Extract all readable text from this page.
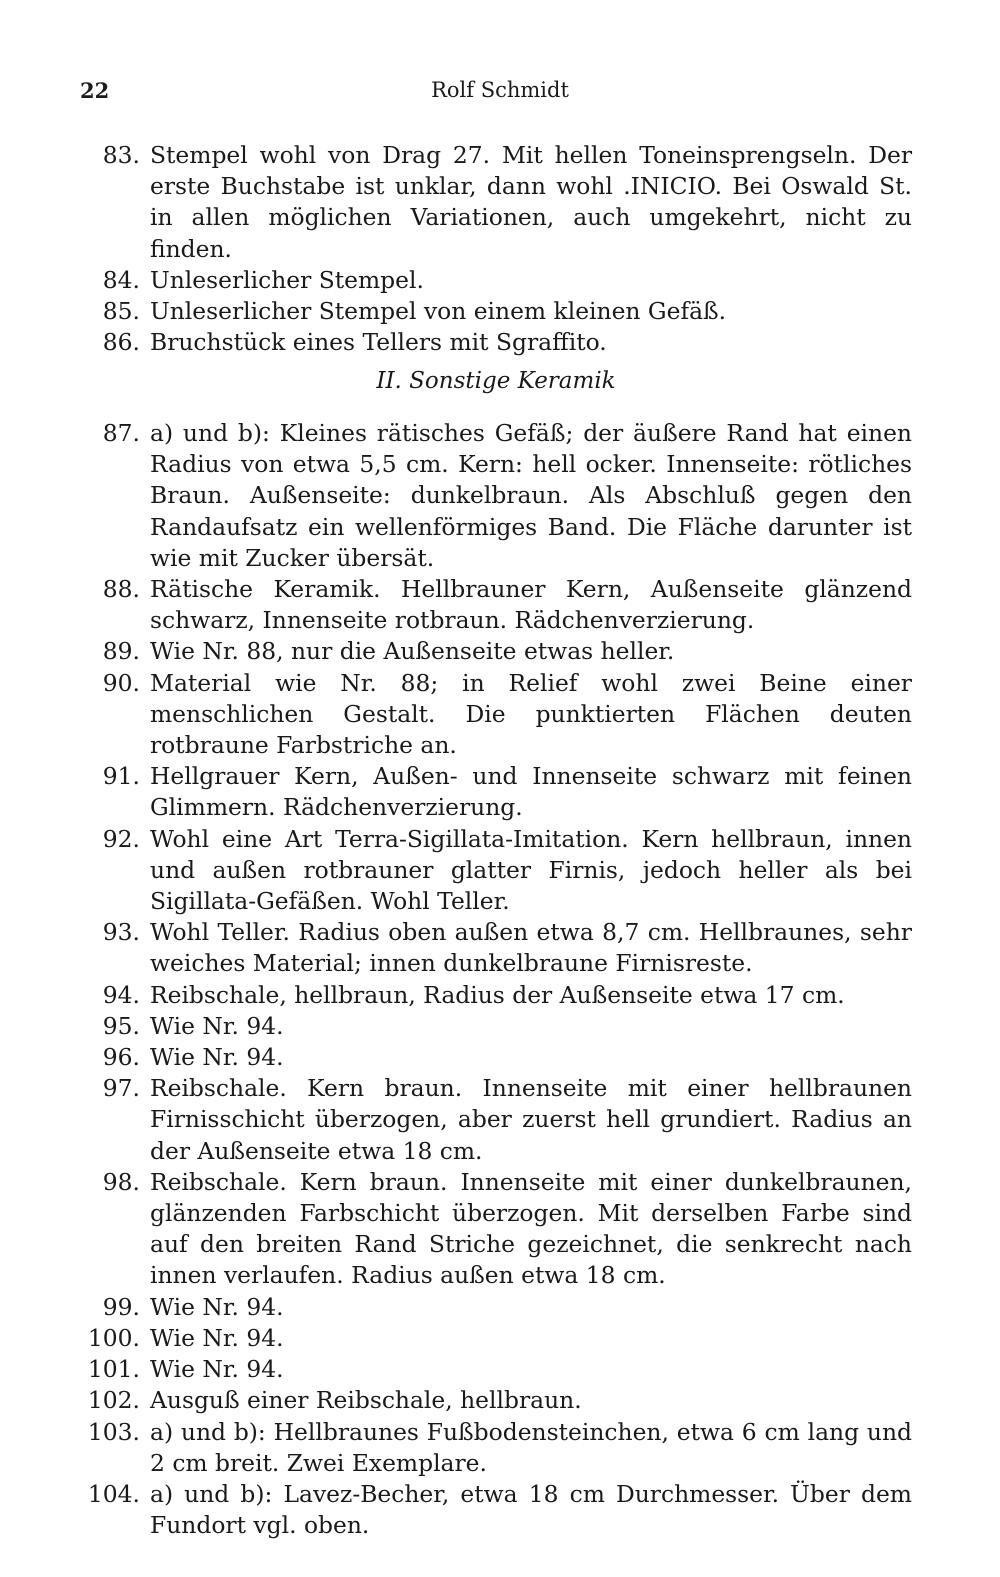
22	Rolf Schmidt
83. Stempel wohl von Drag 27. Mit hellen Toneinsprengseln. Der erste Buchstabe ist unklar, dann wohl .INICIO. Bei Oswald St. in allen möglichen Variationen, auch umgekehrt, nicht zu finden.
84. Unleserlicher Stempel.
85. Unleserlicher Stempel von einem kleinen Gefäß.
86. Bruchstück eines Tellers mit Sgraffito.
II. Sonstige Keramik
87. a) und b): Kleines rätisches Gefäß; der äußere Rand hat einen Radius von etwa 5,5 cm. Kern: hell ocker. Innenseite: rötliches Braun. Außenseite: dunkelbraun. Als Abschluß gegen den Randaufsatz ein wellenförmiges Band. Die Fläche darunter ist wie mit Zucker übersät.
88. Rätische Keramik. Hellbrauner Kern, Außenseite glänzend schwarz, Innenseite rotbraun. Rädchenverzierung.
89. Wie Nr. 88, nur die Außenseite etwas heller.
90. Material wie Nr. 88; in Relief wohl zwei Beine einer menschlichen Gestalt. Die punktierten Flächen deuten rotbraune Farbstriche an.
91. Hellgrauer Kern, Außen- und Innenseite schwarz mit feinen Glimmern. Rädchenverzierung.
92. Wohl eine Art Terra-Sigillata-Imitation. Kern hellbraun, innen und außen rotbrauner glatter Firnis, jedoch heller als bei Sigillata-Gefäßen. Wohl Teller.
93. Wohl Teller. Radius oben außen etwa 8,7 cm. Hellbraunes, sehr weiches Material; innen dunkelbraune Firnisreste.
94. Reibschale, hellbraun, Radius der Außenseite etwa 17 cm.
95. Wie Nr. 94.
96. Wie Nr. 94.
97. Reibschale. Kern braun. Innenseite mit einer hellbraunen Firnisschicht überzogen, aber zuerst hell grundiert. Radius an der Außenseite etwa 18 cm.
98. Reibschale. Kern braun. Innenseite mit einer dunkelbraunen, glänzenden Farbschicht überzogen. Mit derselben Farbe sind auf den breiten Rand Striche gezeichnet, die senkrecht nach innen verlaufen. Radius außen etwa 18 cm.
99. Wie Nr. 94.
100. Wie Nr. 94.
101. Wie Nr. 94.
102. Ausguß einer Reibschale, hellbraun.
103. a) und b): Hellbraunes Fußbodensteinchen, etwa 6 cm lang und 2 cm breit. Zwei Exemplare.
104. a) und b): Lavez-Becher, etwa 18 cm Durchmesser. Über dem Fundort vgl. oben.
